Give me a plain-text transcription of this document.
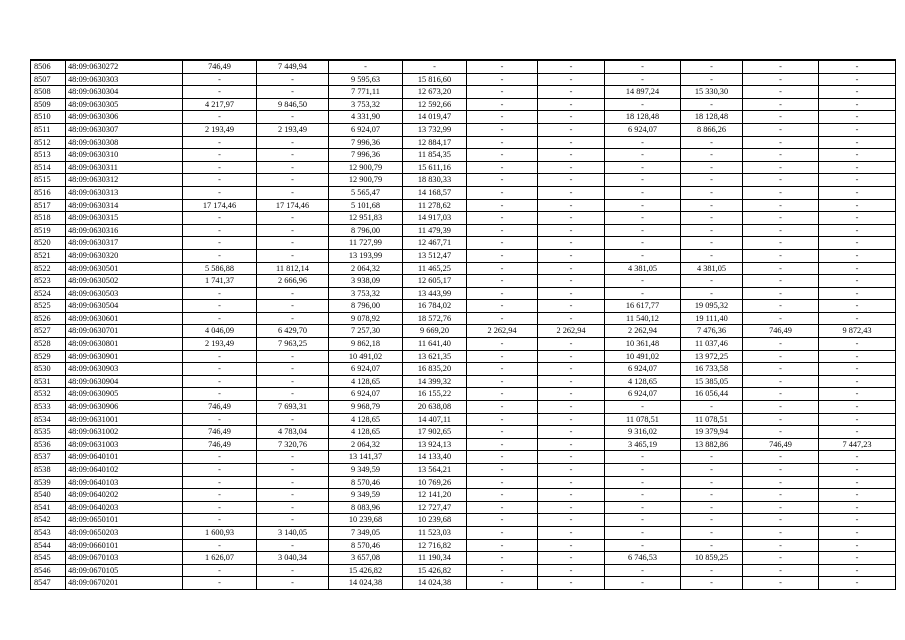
8506	48:09:0630272	746,49	7 449,94	-	-	-	-	-	-	-	-
8507	48:09:0630303	-	-	9 595,63	15 816,60	-	-	-	-	-	-
8508	48:09:0630304	-	-	7 771,11	12 673,20	-	-	14 897,24	15 330,30	-	-
8509	48:09:0630305	4 217,97	9 846,50	3 753,32	12 592,66	-	-	-	-	-	-
8510	48:09:0630306	-	-	4 331,90	14 019,47	-	-	18 128,48	18 128,48	-	-
8511	48:09:0630307	2 193,49	2 193,49	6 924,07	13 732,99	-	-	6 924,07	8 866,26	-	-
8512	48:09:0630308	-	-	7 996,36	12 884,17	-	-	-	-	-	-
8513	48:09:0630310	-	-	7 996,36	11 854,35	-	-	-	-	-	-
8514	48:09:0630311	-	-	12 900,79	15 611,16	-	-	-	-	-	-
8515	48:09:0630312	-	-	12 900,79	18 830,33	-	-	-	-	-	-
8516	48:09:0630313	-	-	5 565,47	14 168,57	-	-	-	-	-	-
8517	48:09:0630314	17 174,46	17 174,46	5 101,68	11 278,62	-	-	-	-	-	-
8518	48:09:0630315	-	-	12 951,83	14 917,03	-	-	-	-	-	-
8519	48:09:0630316	-	-	8 796,00	11 479,39	-	-	-	-	-	-
8520	48:09:0630317	-	-	11 727,99	12 467,71	-	-	-	-	-	-
8521	48:09:0630320	-	-	13 193,99	13 512,47	-	-	-	-	-	-
8522	48:09:0630501	5 586,88	11 812,14	2 064,32	11 465,25	-	-	4 381,05	4 381,05	-	-
8523	48:09:0630502	1 741,37	2 666,96	3 938,09	12 605,17	-	-	-	-	-	-
8524	48:09:0630503	-	-	3 753,32	13 443,99	-	-	-	-	-	-
8525	48:09:0630504	-	-	8 796,00	16 784,02	-	-	16 617,77	19 095,32	-	-
8526	48:09:0630601	-	-	9 078,92	18 572,76	-	-	11 540,12	19 111,40	-	-
8527	48:09:0630701	4 046,09	6 429,70	7 257,30	9 669,20	2 262,94	2 262,94	2 262,94	7 476,36	746,49	9 872,43
8528	48:09:0630801	2 193,49	7 963,25	9 862,18	11 641,40	-	-	10 361,48	11 037,46	-	-
8529	48:09:0630901	-	-	10 491,02	13 621,35	-	-	10 491,02	13 972,25	-	-
8530	48:09:0630903	-	-	6 924,07	16 835,20	-	-	6 924,07	16 733,58	-	-
8531	48:09:0630904	-	-	4 128,65	14 399,32	-	-	4 128,65	15 385,05	-	-
8532	48:09:0630905	-	-	6 924,07	16 155,22	-	-	6 924,07	16 056,44	-	-
8533	48:09:0630906	746,49	7 693,31	9 968,79	20 638,08	-	-	-	-	-	-
8534	48:09:0631001	-	-	4 128,65	14 407,11	-	-	11 078,51	11 078,51	-	-
8535	48:09:0631002	746,49	4 783,04	4 128,65	17 902,65	-	-	9 316,02	19 379,94	-	-
8536	48:09:0631003	746,49	7 320,76	2 064,32	13 924,13	-	-	3 465,19	13 882,86	746,49	7 447,23
8537	48:09:0640101	-	-	13 141,37	14 133,40	-	-	-	-	-	-
8538	48:09:0640102	-	-	9 349,59	13 564,21	-	-	-	-	-	-
8539	48:09:0640103	-	-	8 570,46	10 769,26	-	-	-	-	-	-
8540	48:09:0640202	-	-	9 349,59	12 141,20	-	-	-	-	-	-
8541	48:09:0640203	-	-	8 083,96	12 727,47	-	-	-	-	-	-
8542	48:09:0650101	-	-	10 239,68	10 239,68	-	-	-	-	-	-
8543	48:09:0650203	1 600,93	3 140,05	7 349,05	11 523,03	-	-	-	-	-	-
8544	48:09:0660101	-	-	8 570,46	12 716,82	-	-	-	-	-	-
8545	48:09:0670103	1 626,07	3 040,34	3 657,08	11 190,34	-	-	6 746,53	10 859,25	-	-
8546	48:09:0670105	-	-	15 426,82	15 426,82	-	-	-	-	-	-
8547	48:09:0670201	-	-	14 024,38	14 024,38	-	-	-	-	-	-
